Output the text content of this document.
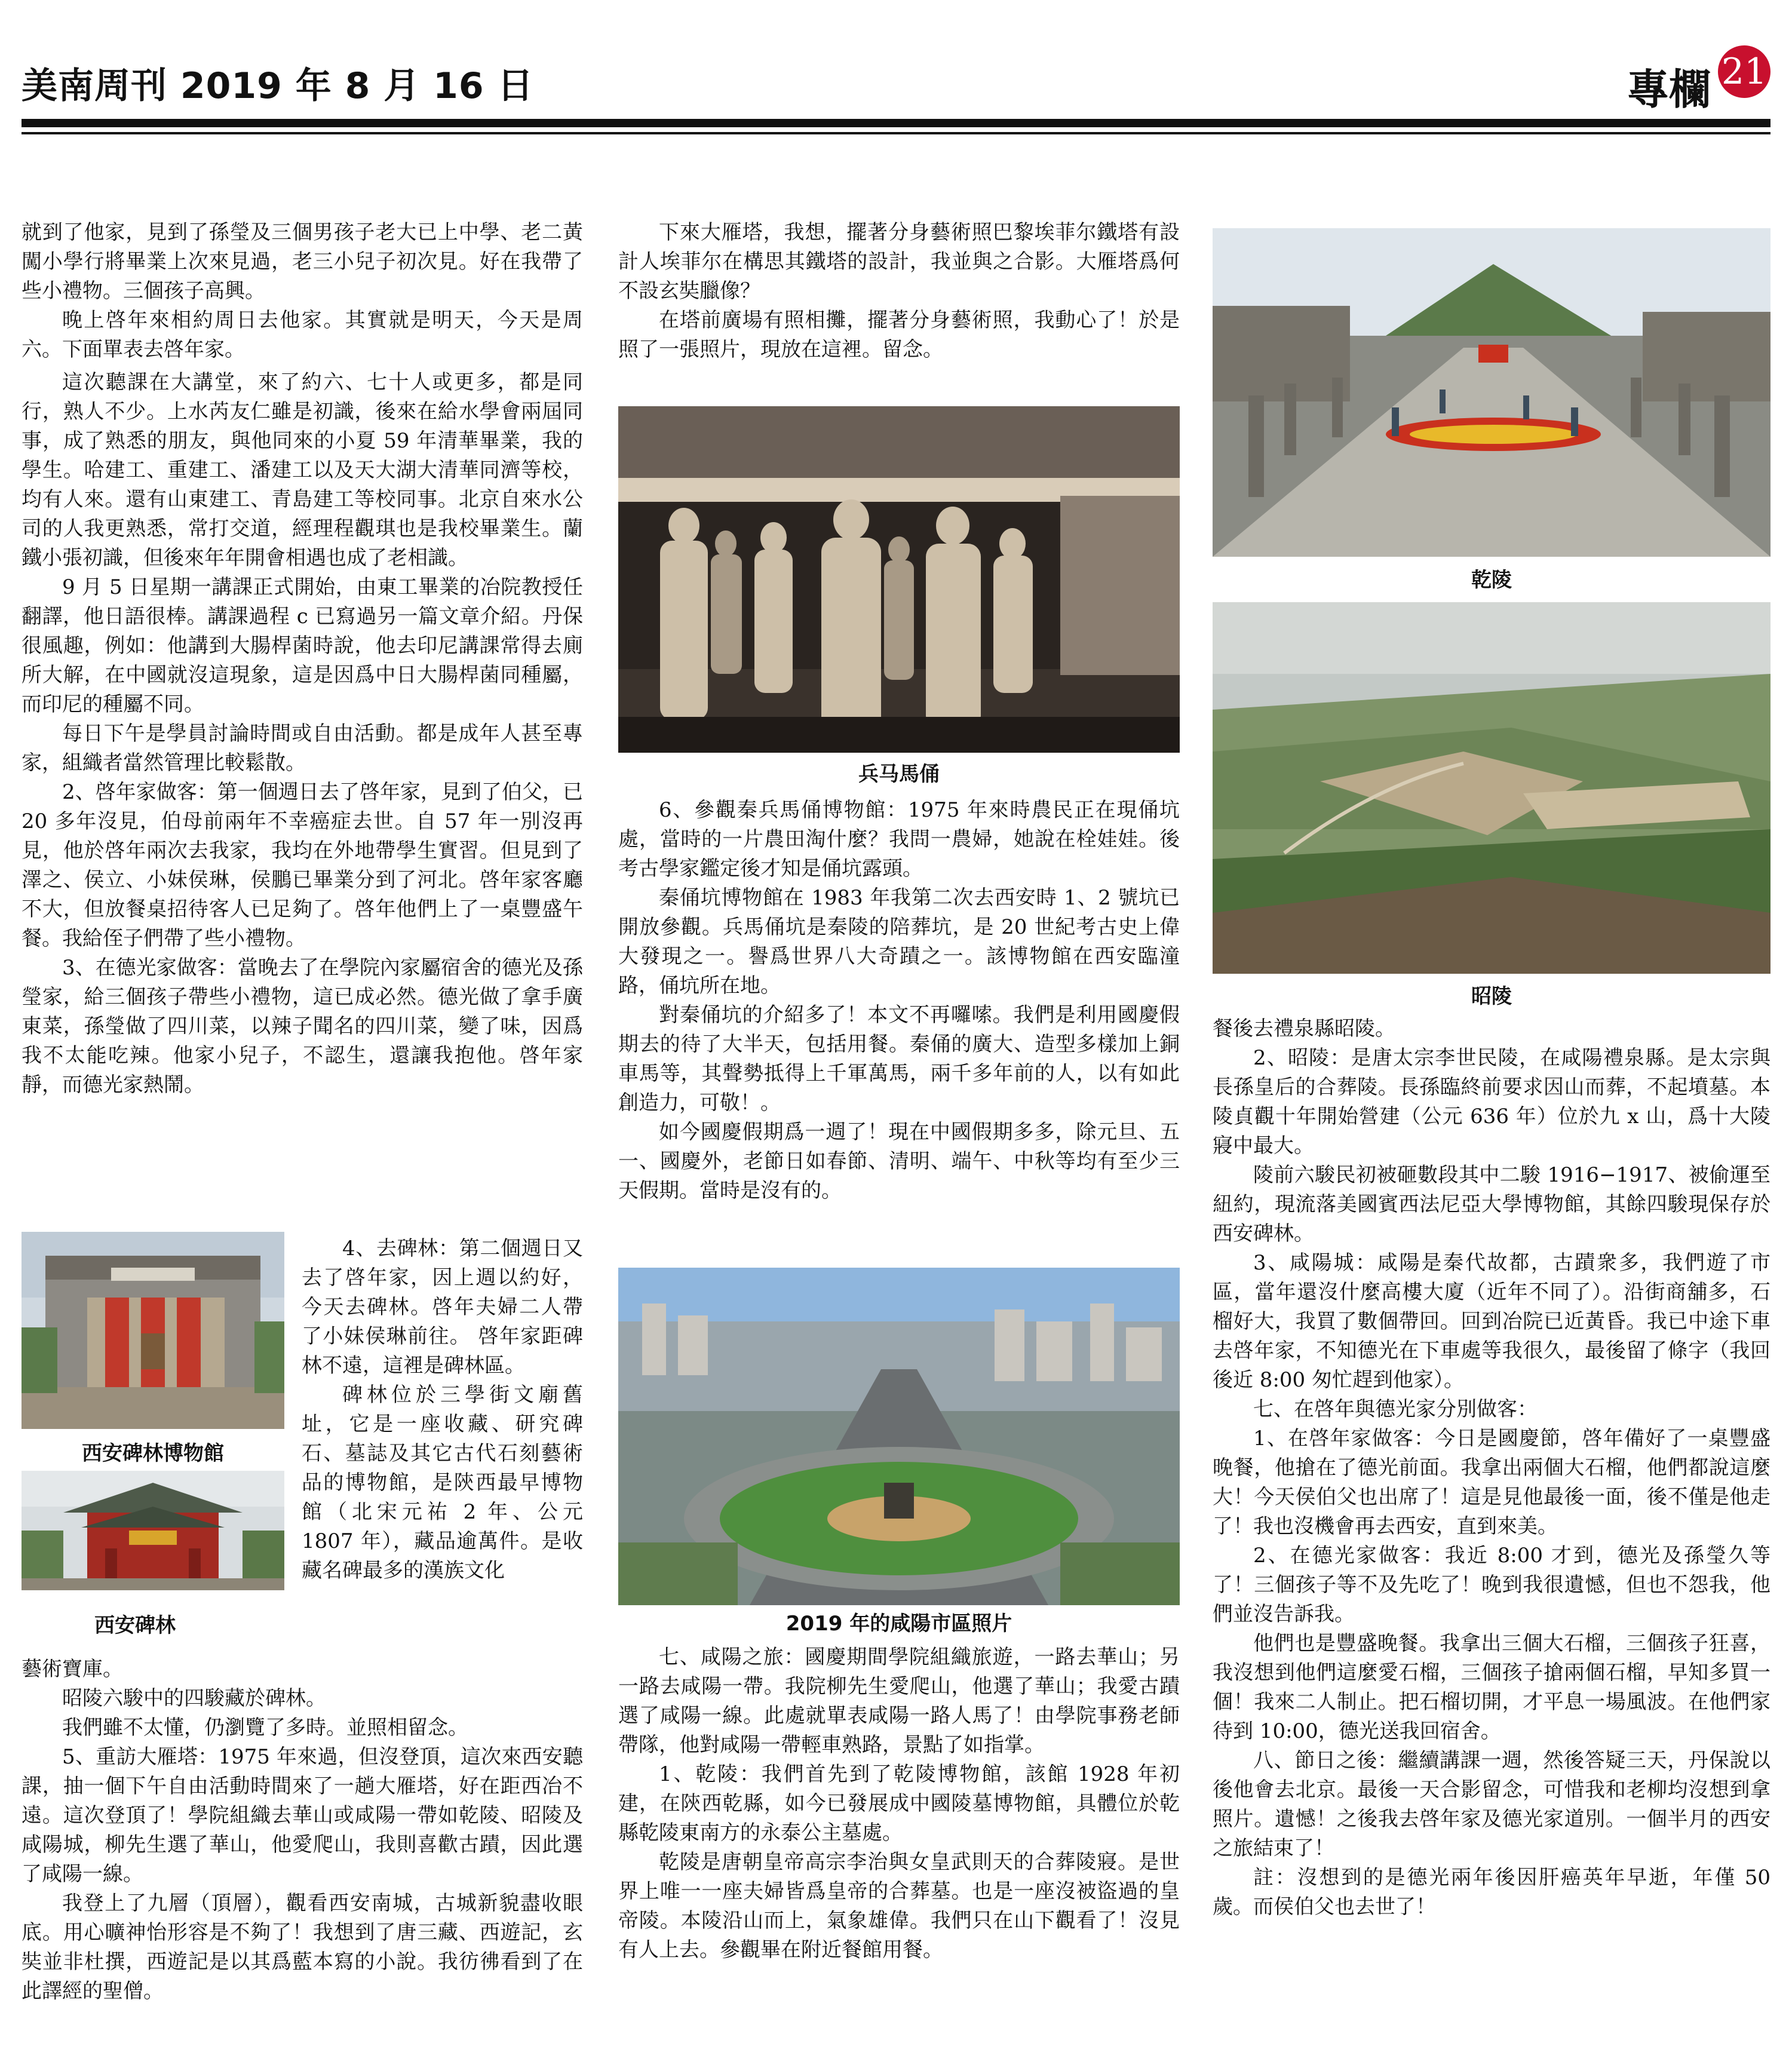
美南周刊 2019 年 8 月 16 日	專欄 21

就到了他家，見到了孫瑩及三個男孩子老大已上中學、老二黃闖小學行將畢業上次來見過，老三小兒子初次見。好在我帶了些小禮物。三個孩子高興。

晚上啓年來相約周日去他家。其實就是明天，今天是周六。下面單表去啓年家。

這次聽課在大講堂，來了約六、七十人或更多，都是同行，熟人不少。上水芮友仁雖是初識，後來在給水學會兩屆同事，成了熟悉的朋友，與他同來的小夏 59 年清華畢業，我的學生。哈建工、重建工、潘建工以及天大湖大清華同濟等校，均有人來。還有山東建工、青島建工等校同事。北京自來水公司的人我更熟悉，常打交道，經理程觀琪也是我校畢業生。蘭鐵小張初識，但後來年年開會相遇也成了老相識。

9 月 5 日星期一講課正式開始，由東工畢業的冶院教授任翻譯，他日語很棒。講課過程 c 已寫過另一篇文章介紹。丹保很風趣，例如：他講到大腸桿菌時說，他去印尼講課常得去廁所大解，在中國就沒這現象，這是因爲中日大腸桿菌同種屬，而印尼的種屬不同。

每日下午是學員討論時間或自由活動。都是成年人甚至專家，組織者當然管理比較鬆散。

2、啓年家做客：第一個週日去了啓年家，見到了伯父，已 20 多年沒見，伯母前兩年不幸癌症去世。自 57 年一別沒再見，他於啓年兩次去我家，我均在外地帶學生實習。但見到了澤之、侯立、小妹侯琳，侯鵬已畢業分到了河北。啓年家客廳不大，但放餐桌招待客人已足夠了。啓年他們上了一桌豐盛午餐。我給侄子們帶了些小禮物。

3、在德光家做客：當晚去了在學院內家屬宿舍的德光及孫瑩家，給三個孩子帶些小禮物，這已成必然。德光做了拿手廣東菜，孫瑩做了四川菜，以辣子聞名的四川菜，變了味，因爲我不太能吃辣。他家小兒子，不認生，還讓我抱他。啓年家靜，而德光家熱鬧。

西安碑林博物館
西安碑林

4、去碑林：第二個週日又去了啓年家，因上週以約好，今天去碑林。啓年夫婦二人帶了小妹侯琳前往。 啓年家距碑林不遠，這裡是碑林區。

碑林位於三學街文廟舊址，它是一座收藏、研究碑石、墓誌及其它古代石刻藝術品的博物館，是陝西最早博物館（北宋元祐 2 年、公元 1807 年），藏品逾萬件。是收藏名碑最多的漢族文化

藝術寶庫。

昭陵六駿中的四駿藏於碑林。

我們雖不太懂，仍瀏覽了多時。並照相留念。

5、重訪大雁塔：1975 年來過，但沒登頂，這次來西安聽課，抽一個下午自由活動時間來了一趟大雁塔，好在距西冶不遠。這次登頂了！學院組織去華山或咸陽一帶如乾陵、昭陵及咸陽城，柳先生選了華山，他愛爬山，我則喜歡古蹟，因此選了咸陽一線。

我登上了九層（頂層），觀看西安南城，古城新貌盡收眼底。用心曠神怡形容是不夠了！我想到了唐三藏、西遊記，玄奘並非杜撰，西遊記是以其爲藍本寫的小說。我彷彿看到了在此譯經的聖僧。

下來大雁塔，我想，擺著分身藝術照巴黎埃菲尔鐵塔有設計人埃菲尔在構思其鐵塔的設計，我並與之合影。大雁塔爲何不設玄奘臘像？

在塔前廣場有照相攤，擺著分身藝術照，我動心了！於是照了一張照片，現放在這裡。留念。

兵马馬俑

6、參觀秦兵馬俑博物館：1975 年來時農民正在現俑坑處，當時的一片農田淘什麼？我問一農婦，她說在栓娃娃。後考古學家鑑定後才知是俑坑露頭。

秦俑坑博物館在 1983 年我第二次去西安時 1、2 號坑已開放參觀。兵馬俑坑是秦陵的陪葬坑，是 20 世紀考古史上偉大發現之一。譽爲世界八大奇蹟之一。該博物館在西安臨潼路，俑坑所在地。

對秦俑坑的介紹多了！本文不再囉嗦。我們是利用國慶假期去的待了大半天，包括用餐。秦俑的廣大、造型多樣加上銅車馬等，其聲勢抵得上千軍萬馬，兩千多年前的人，以有如此創造力，可敬！。

如今國慶假期爲一週了！現在中國假期多多，除元旦、五一、國慶外，老節日如春節、清明、端午、中秋等均有至少三天假期。當時是沒有的。

2019 年的咸陽市區照片

七、咸陽之旅：國慶期間學院組織旅遊，一路去華山；另一路去咸陽一帶。我院柳先生愛爬山，他選了華山；我愛古蹟選了咸陽一線。此處就單表咸陽一路人馬了！由學院事務老師帶隊，他對咸陽一帶輕車熟路，景點了如指掌。

1、乾陵：我們首先到了乾陵博物館，該館 1928 年初建，在陝西乾縣，如今已發展成中國陵墓博物館，具體位於乾縣乾陵東南方的永泰公主墓處。

乾陵是唐朝皇帝高宗李治與女皇武則天的合葬陵寢。是世界上唯一一座夫婦皆爲皇帝的合葬墓。也是一座沒被盜過的皇帝陵。本陵沿山而上，氣象雄偉。我們只在山下觀看了！沒見有人上去。參觀畢在附近餐館用餐。

乾陵
昭陵

餐後去禮泉縣昭陵。

2、昭陵：是唐太宗李世民陵，在咸陽禮泉縣。是太宗與長孫皇后的合葬陵。長孫臨終前要求因山而葬，不起墳墓。本陵貞觀十年開始營建（公元 636 年）位於九 x 山，爲十大陵寢中最大。

陵前六駿民初被砸數段其中二駿 1916−1917、被偷運至紐約，現流落美國賓西法尼亞大學博物館，其餘四駿現保存於西安碑林。

3、咸陽城：咸陽是秦代故都，古蹟衆多，我們遊了市區，當年還沒什麼高樓大廈（近年不同了）。沿街商舖多，石榴好大，我買了數個帶回。回到冶院已近黃昏。我已中途下車去啓年家，不知德光在下車處等我很久，最後留了條字（我回後近 8:00 匆忙趕到他家）。

七、在啓年與德光家分別做客：

1、在啓年家做客：今日是國慶節，啓年備好了一桌豐盛晚餐，他搶在了德光前面。我拿出兩個大石榴，他們都說這麼大！今天侯伯父也出席了！這是見他最後一面，後不僅是他走了！我也沒機會再去西安，直到來美。

2、在德光家做客：我近 8:00 才到，德光及孫瑩久等了！三個孩子等不及先吃了！晚到我很遺憾，但也不怨我，他們並沒告訴我。

他們也是豐盛晚餐。我拿出三個大石榴，三個孩子狂喜，我沒想到他們這麼愛石榴，三個孩子搶兩個石榴，早知多買一個！我來二人制止。把石榴切開，才平息一場風波。在他們家待到 10:00，德光送我回宿舍。

八、節日之後：繼續講課一週，然後答疑三天，丹保說以後他會去北京。最後一天合影留念，可惜我和老柳均沒想到拿照片。遺憾！之後我去啓年家及德光家道別。一個半月的西安之旅結束了！

註：沒想到的是德光兩年後因肝癌英年早逝，年僅 50 歲。而侯伯父也去世了！
